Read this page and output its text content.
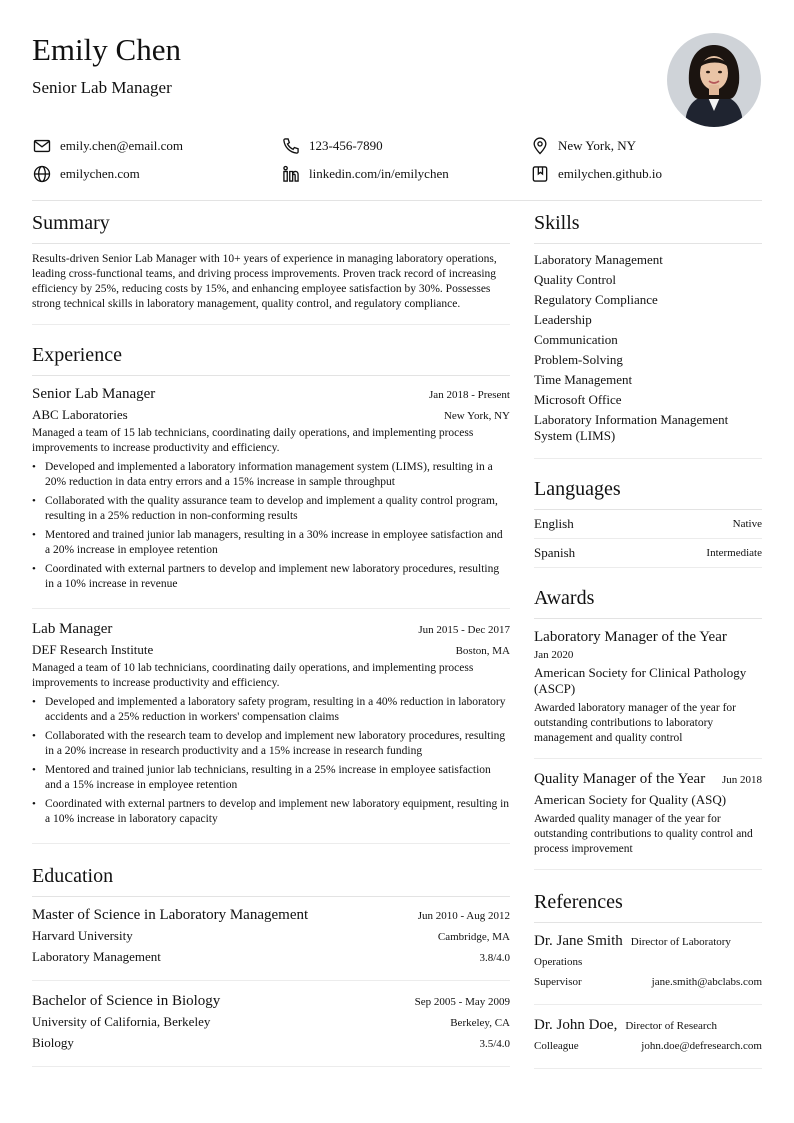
Emily Chen
Senior Lab Manager
emily.chen@email.com	123-456-7890	New York, NY
emilychen.com	linkedin.com/in/emilychen	emilychen.github.io
Summary
Results-driven Senior Lab Manager with 10+ years of experience in managing laboratory operations, leading cross-functional teams, and driving process improvements. Proven track record of increasing efficiency by 25%, reducing costs by 15%, and enhancing employee satisfaction by 30%. Possesses strong technical skills in laboratory management, quality control, and regulatory compliance.
Experience
Senior Lab Manager	Jan 2018 - Present
ABC Laboratories	New York, NY
Managed a team of 15 lab technicians, coordinating daily operations, and implementing process improvements to increase productivity and efficiency.
• Developed and implemented a laboratory information management system (LIMS), resulting in a 20% reduction in data entry errors and a 15% increase in sample throughput
• Collaborated with the quality assurance team to develop and implement a quality control program, resulting in a 25% reduction in non-conforming results
• Mentored and trained junior lab managers, resulting in a 30% increase in employee satisfaction and a 20% increase in employee retention
• Coordinated with external partners to develop and implement new laboratory procedures, resulting in a 10% increase in revenue
Lab Manager	Jun 2015 - Dec 2017
DEF Research Institute	Boston, MA
Managed a team of 10 lab technicians, coordinating daily operations, and implementing process improvements to increase productivity and efficiency.
• Developed and implemented a laboratory safety program, resulting in a 40% reduction in laboratory accidents and a 25% reduction in workers' compensation claims
• Collaborated with the research team to develop and implement new laboratory procedures, resulting in a 20% increase in research productivity and a 15% increase in research funding
• Mentored and trained junior lab technicians, resulting in a 25% increase in employee satisfaction and a 15% increase in employee retention
• Coordinated with external partners to develop and implement new laboratory equipment, resulting in a 10% increase in laboratory capacity
Education
Master of Science in Laboratory Management	Jun 2010 - Aug 2012
Harvard University	Cambridge, MA
Laboratory Management	3.8/4.0
Bachelor of Science in Biology	Sep 2005 - May 2009
University of California, Berkeley	Berkeley, CA
Biology	3.5/4.0
Skills
Laboratory Management
Quality Control
Regulatory Compliance
Leadership
Communication
Problem-Solving
Time Management
Microsoft Office
Laboratory Information Management System (LIMS)
Languages
English	Native
Spanish	Intermediate
Awards
Laboratory Manager of the Year
Jan 2020
American Society for Clinical Pathology (ASCP)
Awarded laboratory manager of the year for outstanding contributions to laboratory management and quality control
Quality Manager of the Year Jun 2018
American Society for Quality (ASQ)
Awarded quality manager of the year for outstanding contributions to quality control and process improvement
References
Dr. Jane Smith Director of Laboratory Operations
Supervisor	jane.smith@abclabs.com
Dr. John Doe, Director of Research
Colleague	john.doe@defresearch.com
